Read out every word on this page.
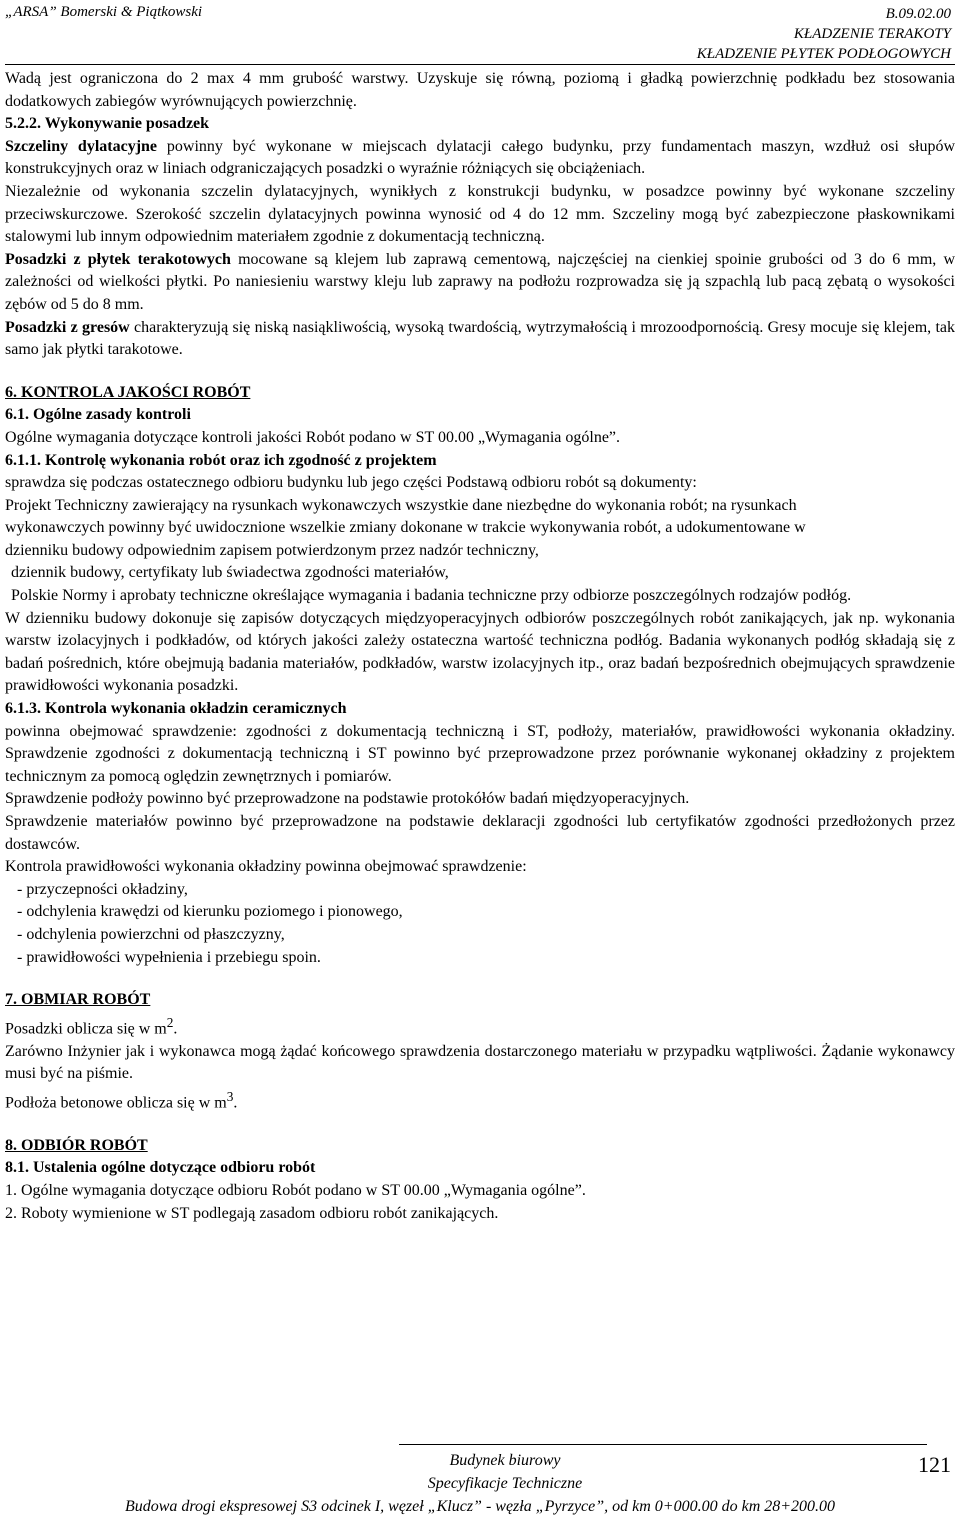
„ARSA” Bomerski & Piątkowski	B.09.02.00
KŁADZENIE TERAKOTY
KŁADZENIE PŁYTEK PODŁOGOWYCH

Wadą jest ograniczona do 2 max 4 mm grubość warstwy. Uzyskuje się równą, poziomą i gładką powierzchnię podkładu bez stosowania dodatkowych zabiegów wyrównujących powierzchnię.

5.2.2. Wykonywanie posadzek

Szczeliny dylatacyjne powinny być wykonane w miejscach dylatacji całego budynku, przy fundamentach maszyn, wzdłuż osi słupów konstrukcyjnych oraz w liniach odgraniczających posadzki o wyraźnie różniących się obciążeniach.

Niezależnie od wykonania szczelin dylatacyjnych, wynikłych z konstrukcji budynku, w posadzce powinny być wykonane szczeliny przeciwskurczowe. Szerokość szczelin dylatacyjnych powinna wynosić od 4 do 12 mm. Szczeliny mogą być zabezpieczone płaskownikami stalowymi lub innym odpowiednim materiałem zgodnie z dokumentacją techniczną.

Posadzki z płytek terakotowych mocowane są klejem lub zaprawą cementową, najczęściej na cienkiej spoinie grubości od 3 do 6 mm, w zależności od wielkości płytki. Po naniesieniu warstwy kleju lub zaprawy na podłożu rozprowadza się ją szpachlą lub pacą zębatą o wysokości zębów od 5 do 8 mm.

Posadzki z gresów charakteryzują się niską nasiąkliwością, wysoką twardością, wytrzymałością i mrozoodpornością. Gresy mocuje się klejem, tak samo jak płytki tarakotowe.

6. KONTROLA JAKOŚCI ROBÓT

6.1. Ogólne zasady kontroli

Ogólne wymagania dotyczące kontroli jakości Robót podano w ST 00.00 „Wymagania ogólne”.

6.1.1. Kontrolę wykonania robót oraz ich zgodność z projektem

sprawdza się podczas ostatecznego odbioru budynku lub jego części Podstawą odbioru robót są dokumenty:

Projekt Techniczny zawierający na rysunkach wykonawczych wszystkie dane niezbędne do wykonania robót; na rysunkach

wykonawczych powinny być uwidocznione wszelkie zmiany dokonane w trakcie wykonywania robót, a udokumentowane w

dzienniku budowy odpowiednim zapisem potwierdzonym przez nadzór techniczny,

dziennik budowy, certyfikaty lub świadectwa zgodności materiałów,

Polskie Normy i aprobaty techniczne określające wymagania i badania techniczne przy odbiorze poszczególnych rodzajów podłóg.

W dzienniku budowy dokonuje się zapisów dotyczących międzyoperacyjnych odbiorów poszczególnych robót zanikających, jak np. wykonania warstw izolacyjnych i podkładów, od których jakości zależy ostateczna wartość techniczna podłóg. Badania wykonanych podłóg składają się z badań pośrednich, które obejmują badania materiałów, podkładów, warstw izolacyjnych itp., oraz badań bezpośrednich obejmujących sprawdzenie prawidłowości wykonania posadzki.

6.1.3. Kontrola wykonania okładzin ceramicznych

powinna obejmować sprawdzenie: zgodności z dokumentacją techniczną i ST, podłoży, materiałów, prawidłowości wykonania okładziny. Sprawdzenie zgodności z dokumentacją techniczną i ST powinno być przeprowadzone przez porównanie wykonanej okładziny z projektem technicznym za pomocą oględzin zewnętrznych i pomiarów.

Sprawdzenie podłoży powinno być przeprowadzone na podstawie protokółów badań międzyoperacyjnych.

Sprawdzenie materiałów powinno być przeprowadzone na podstawie deklaracji zgodności lub certyfikatów zgodności przedłożonych przez dostawców.

Kontrola prawidłowości wykonania okładziny powinna obejmować sprawdzenie:

- przyczepności okładziny,

- odchylenia krawędzi od kierunku poziomego i pionowego,

- odchylenia powierzchni od płaszczyzny,

- prawidłowości wypełnienia i przebiegu spoin.

7. OBMIAR ROBÓT

Posadzki oblicza się w $m^2$.

Zarówno Inżynier jak i wykonawca mogą żądać końcowego sprawdzenia dostarczonego materiału w przypadku wątpliwości. Żądanie wykonawcy musi być na piśmie.

Podłoża betonowe oblicza się w $m^3$.

8. ODBIÓR ROBÓT

8.1. Ustalenia ogólne dotyczące odbioru robót

1. Ogólne wymagania dotyczące odbioru Robót podano w ST 00.00 „Wymagania ogólne”.

2. Roboty wymienione w ST podlegają zasadom odbioru robót zanikających.

Budynek biurowy
Specyfikacje Techniczne
Budowa drogi ekspresowej S3 odcinek I, węzeł „Klucz” - węzła „Pyrzyce”, od km 0+000.00 do km 28+200.00
121
